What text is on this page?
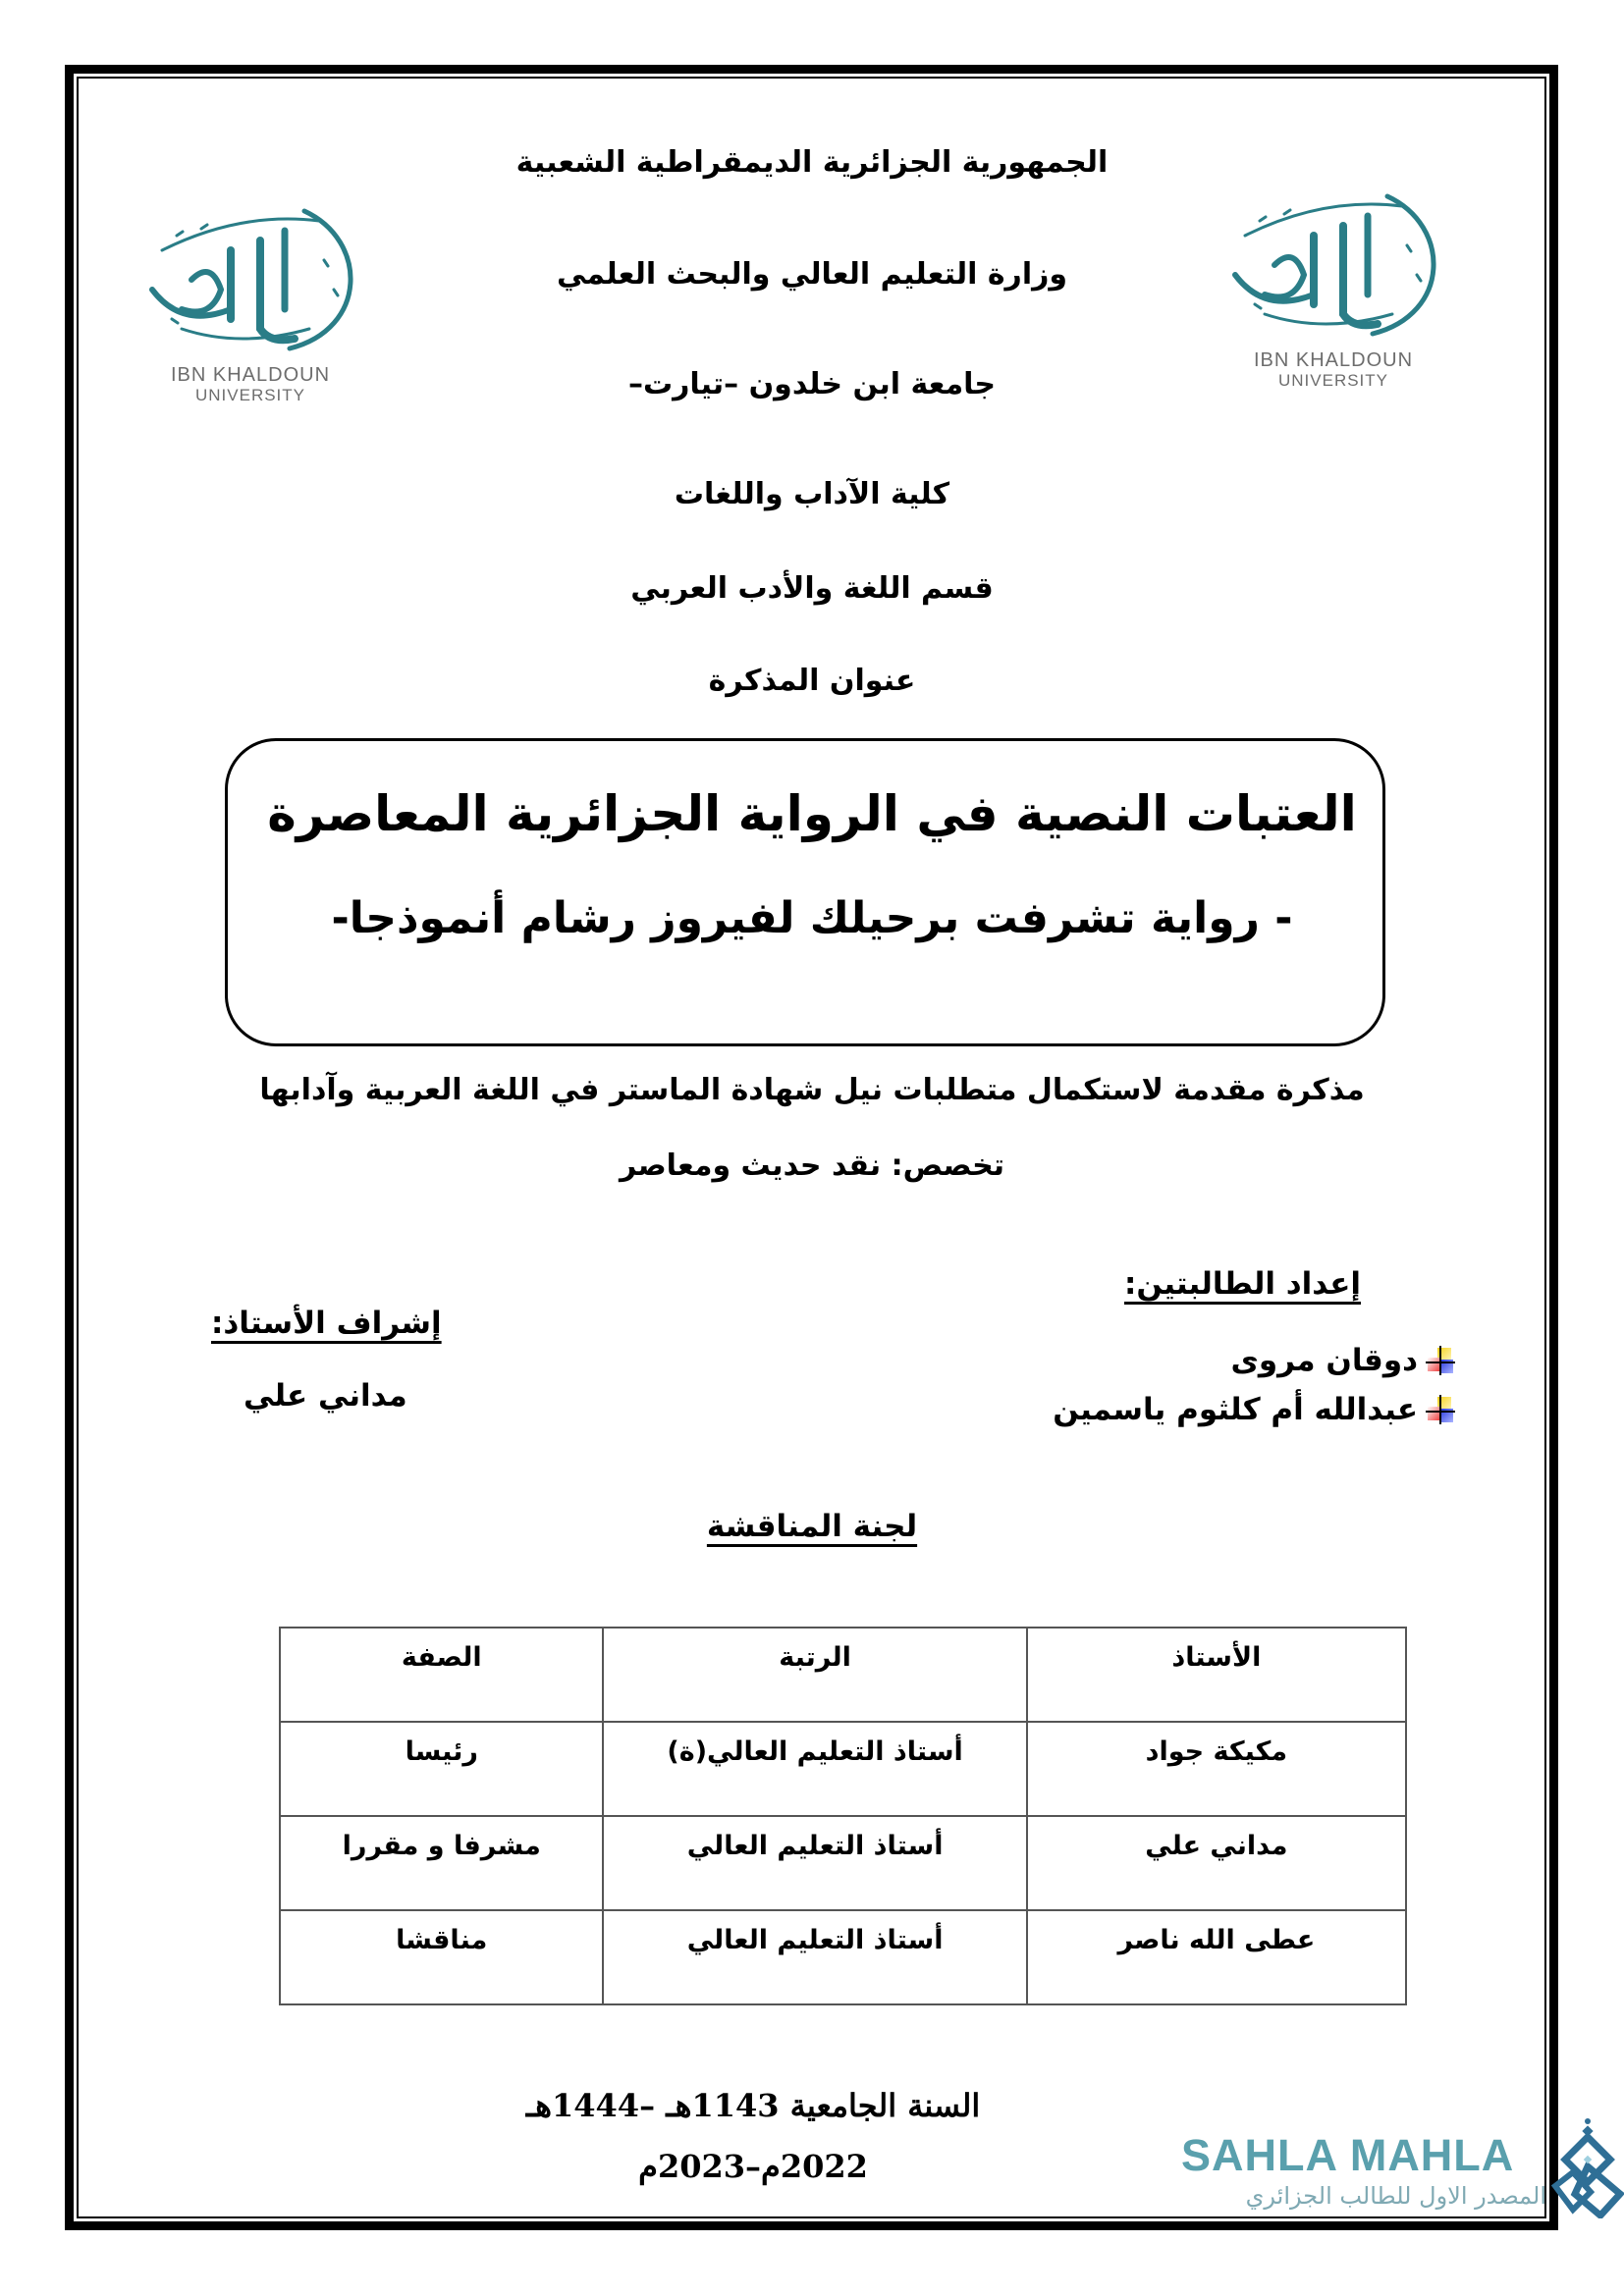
IBN KHALDOUN
UNIVERSITY
IBN KHALDOUN
UNIVERSITY
الجمهورية الجزائرية الديمقراطية الشعبية
وزارة التعليم العالي والبحث العلمي
جامعة ابن خلدون –تيارت–
كلية الآداب واللغات
قسم اللغة والأدب العربي
عنوان المذكرة
العتبات النصية في الرواية الجزائرية المعاصرة
- رواية تشرفت برحيلك لفيروز رشام أنموذجا-
مذكرة مقدمة لاستكمال متطلبات نيل شهادة الماستر في اللغة العربية وآدابها
تخصص: نقد حديث ومعاصر
إعداد الطالبتين:
دوقان مروى
عبدالله أم كلثوم ياسمين
إشراف الأستاذ:
مداني علي
لجنة المناقشة
الأستاذ	الرتبة	الصفة
مكيكة جواد	أستاذ التعليم العالي(ة)	رئيسا
مداني علي	أستاذ التعليم العالي	مشرفا و مقررا
عطى الله ناصر	أستاذ التعليم العالي	مناقشا
السنة الجامعية 1143هـ –1444هـ
2022م–2023م	SAHLA MAHLA
المصدر الاول للطالب الجزائري
